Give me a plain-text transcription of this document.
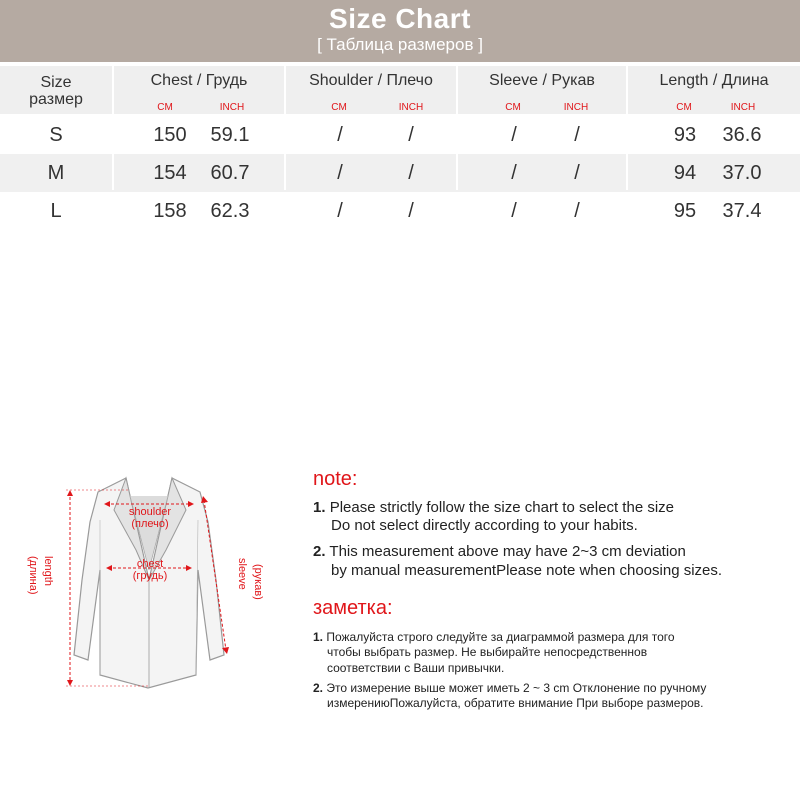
Size Chart
[ Таблица размеров ]
Size
размер
Chest / Грудь
CM	INCH
Shoulder / Плечо
CM	INCH
Sleeve / Рукав
CM	INCH
Length / Длина
CM	INCH
S	150	59.1	/	/	/	/	93	36.6
M	154	60.7	/	/	/	/	94	37.0
L	158	62.3	/	/	/	/	95	37.4
shoulder
(плечо)
chest
(грудь)
length
(длина)	sleeve (рукав)
note:
1. Please strictly follow the size chart to select the size
Do not select directly according to your habits.
2. This measurement above may have 2~3 cm deviation
by manual measurementPlease note when choosing sizes.
заметка:
1. Пожалуйста строго следуйте за диаграммой размера для того
чтобы выбрать размер. Не выбирайте непосредственнов
соответствии с Ваши привычки.
2. Это измерение выше может иметь 2 ~ 3 cm Отклонение по ручному
измерениюПожалуйста, обратите внимание При выборе размеров.
